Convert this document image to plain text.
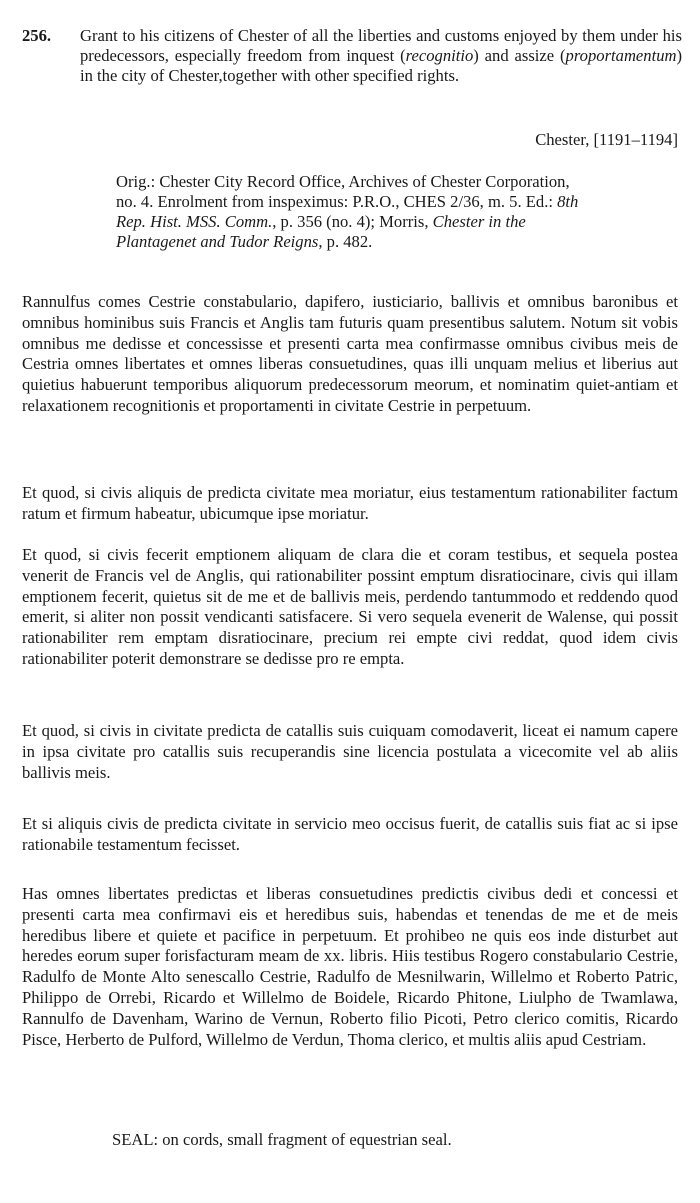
256. Grant to his citizens of Chester of all the liberties and customs enjoyed by them under his predecessors, especially freedom from inquest (recognitio) and assize (proportamentum) in the city of Chester,together with other specified rights.
Chester, [1191–1194]
Orig.: Chester City Record Office, Archives of Chester Corporation, no. 4. Enrolment from inspeximus: P.R.O., CHES 2/36, m. 5. Ed.: 8th Rep. Hist. MSS. Comm., p. 356 (no. 4); Morris, Chester in the Plantagenet and Tudor Reigns, p. 482.
Rannulfus comes Cestrie constabulario, dapifero, iusticiario, ballivis et omnibus baronibus et omnibus hominibus suis Francis et Anglis tam futuris quam presentibus salutem. Notum sit vobis omnibus me dedisse et concessisse et presenti carta mea confirmasse omnibus civibus meis de Cestria omnes libertates et omnes liberas consuetudines, quas illi unquam melius et liberius aut quietius habuerunt temporibus aliquorum predecessorum meorum, et nominatim quiet-antiam et relaxationem recognitionis et proportamenti in civitate Cestrie in perpetuum.
Et quod, si civis aliquis de predicta civitate mea moriatur, eius testamentum rationabiliter factum ratum et firmum habeatur, ubicumque ipse moriatur.
Et quod, si civis fecerit emptionem aliquam de clara die et coram testibus, et sequela postea venerit de Francis vel de Anglis, qui rationabiliter possint emptum disratiocinare, civis qui illam emptionem fecerit, quietus sit de me et de ballivis meis, perdendo tantummodo et reddendo quod emerit, si aliter non possit vendicanti satisfacere. Si vero sequela evenerit de Walense, qui possit rationabiliter rem emptam disratiocinare, precium rei empte civi reddat, quod idem civis rationabiliter poterit demonstrare se dedisse pro re empta.
Et quod, si civis in civitate predicta de catallis suis cuiquam comodaverit, liceat ei namum capere in ipsa civitate pro catallis suis recuperandis sine licencia postulata a vicecomite vel ab aliis ballivis meis.
Et si aliquis civis de predicta civitate in servicio meo occisus fuerit, de catallis suis fiat ac si ipse rationabile testamentum fecisset.
Has omnes libertates predictas et liberas consuetudines predictis civibus dedi et concessi et presenti carta mea confirmavi eis et heredibus suis, habendas et tenendas de me et de meis heredibus libere et quiete et pacifice in perpetuum. Et prohibeo ne quis eos inde disturbet aut heredes eorum super forisfacturam meam de xx. libris. Hiis testibus Rogero constabulario Cestrie, Radulfo de Monte Alto senescallo Cestrie, Radulfo de Mesnilwarin, Willelmo et Roberto Patric, Philippo de Orrebi, Ricardo et Willelmo de Boidele, Ricardo Phitone, Liulpho de Twamlawa, Rannulfo de Davenham, Warino de Vernun, Roberto filio Picoti, Petro clerico comitis, Ricardo Pisce, Herberto de Pulford, Willelmo de Verdun, Thoma clerico, et multis aliis apud Cestriam.
SEAL: on cords, small fragment of equestrian seal.
